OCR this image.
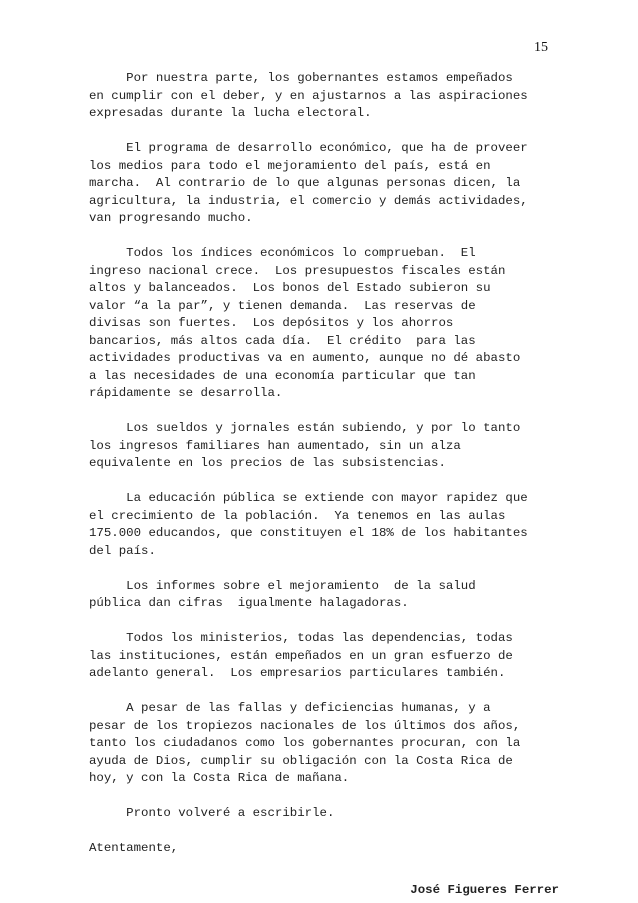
15
Por nuestra parte, los gobernantes estamos empeñados
en cumplir con el deber, y en ajustarnos a las aspiraciones
expresadas durante la lucha electoral.
El programa de desarrollo económico, que ha de proveer
los medios para todo el mejoramiento del país, está en
marcha.  Al contrario de lo que algunas personas dicen, la
agricultura, la industria, el comercio y demás actividades,
van progresando mucho.
Todos los índices económicos lo comprueban.  El
ingreso nacional crece.  Los presupuestos fiscales están
altos y balanceados.  Los bonos del Estado subieron su
valor “a la par”, y tienen demanda.  Las reservas de
divisas son fuertes.  Los depósitos y los ahorros
bancarios, más altos cada día.  El crédito  para las
actividades productivas va en aumento, aunque no dé abasto
a las necesidades de una economía particular que tan
rápidamente se desarrolla.
Los sueldos y jornales están subiendo, y por lo tanto
los ingresos familiares han aumentado, sin un alza
equivalente en los precios de las subsistencias.
La educación pública se extiende con mayor rapidez que
el crecimiento de la población.  Ya tenemos en las aulas
175.000 educandos, que constituyen el 18% de los habitantes
del país.
Los informes sobre el mejoramiento  de la salud
pública dan cifras  igualmente halagadoras.
Todos los ministerios, todas las dependencias, todas
las instituciones, están empeñados en un gran esfuerzo de
adelanto general.  Los empresarios particulares también.
A pesar de las fallas y deficiencias humanas, y a
pesar de los tropiezos nacionales de los últimos dos años,
tanto los ciudadanos como los gobernantes procuran, con la
ayuda de Dios, cumplir su obligación con la Costa Rica de
hoy, y con la Costa Rica de mañana.
Pronto volveré a escribirle.
Atentamente,
José Figueres Ferrer
